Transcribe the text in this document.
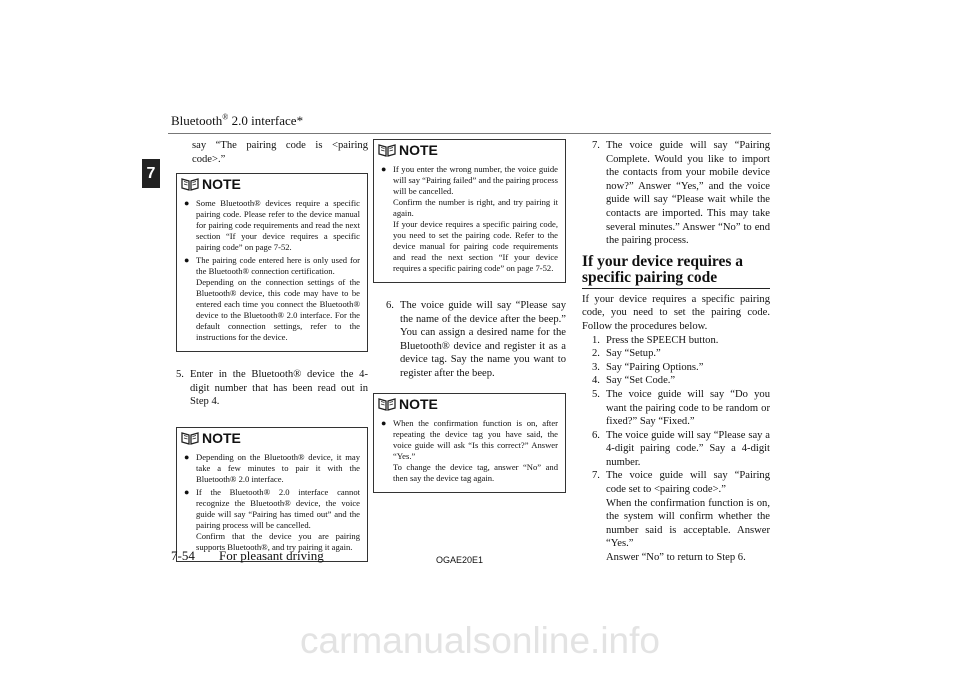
Bluetooth® 2.0 interface*
7

say “The pairing code is <pairing code>.”

NOTE
● Some Bluetooth® devices require a specific pairing code. Please refer to the device manual for pairing code requirements and read the next section “If your device requires a specific pairing code” on page 7-52.
● The pairing code entered here is only used for the Bluetooth® connection certification.
Depending on the connection settings of the Bluetooth® device, this code may have to be entered each time you connect the Bluetooth® device to the Bluetooth® 2.0 interface. For the default connection settings, refer to the instructions for the device.
5. Enter in the Bluetooth® device the 4-digit number that has been read out in Step 4.
NOTE
● Depending on the Bluetooth® device, it may take a few minutes to pair it with the Bluetooth® 2.0 interface.
● If the Bluetooth® 2.0 interface cannot recognize the Bluetooth® device, the voice guide will say “Pairing has timed out” and the pairing process will be cancelled.
Confirm that the device you are pairing supports Bluetooth®, and try pairing it again.
NOTE
● If you enter the wrong number, the voice guide will say “Pairing failed” and the pairing process will be cancelled.
Confirm the number is right, and try pairing it again.
If your device requires a specific pairing code, you need to set the pairing code. Refer to the device manual for pairing code requirements and read the next section “If your device requires a specific pairing code” on page 7-52.
6. The voice guide will say “Please say the name of the device after the beep.” You can assign a desired name for the Bluetooth® device and register it as a device tag. Say the name you want to register after the beep.
NOTE
● When the confirmation function is on, after repeating the device tag you have said, the voice guide will ask “Is this correct?” Answer “Yes.”
To change the device tag, answer “No” and then say the device tag again.
7. The voice guide will say “Pairing Complete. Would you like to import the contacts from your mobile device now?” Answer “Yes,” and the voice guide will say “Please wait while the contacts are imported. This may take several minutes.” Answer “No” to end the pairing process.
If your device requires a specific pairing code

If your device requires a specific pairing code, you need to set the pairing code. Follow the procedures below.

1. Press the SPEECH button.
2. Say “Setup.”
3. Say “Pairing Options.”
4. Say “Set Code.”
5. The voice guide will say “Do you want the pairing code to be random or fixed?” Say “Fixed.”
6. The voice guide will say “Please say a 4-digit pairing code.” Say a 4-digit number.
7. The voice guide will say “Pairing code set to <pairing code>.”
When the confirmation function is on, the system will confirm whether the number said is acceptable. Answer “Yes.”
Answer “No” to return to Step 6.
7-54 For pleasant driving	OGAE20E1
carmanualsonline.info
